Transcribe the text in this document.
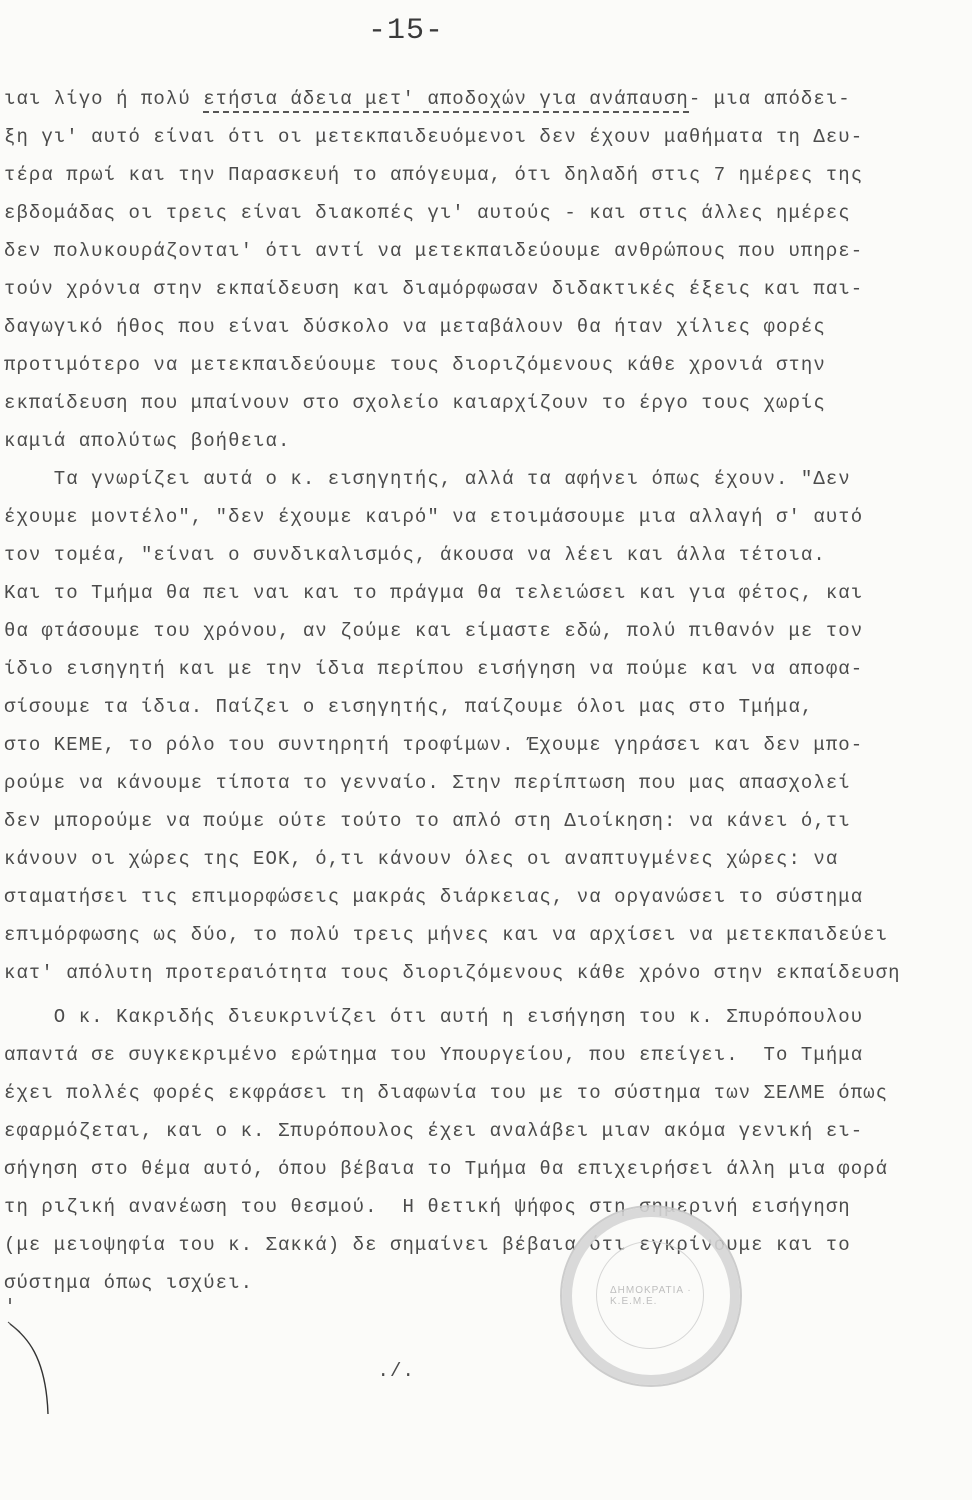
-15-
ιαι λίγο ή πολύ ετήσια άδεια μετ' αποδοχών για ανάπαυση- μια απόδει-
ξη γι' αυτό είναι ότι οι μετεκπαιδευόμενοι δεν έχουν μαθήματα τη Δευ-
τέρα πρωί και την Παρασκευή το απόγευμα, ότι δηλαδή στις 7 ημέρες της
εβδομάδας οι τρεις είναι διακοπές γι' αυτούς - και στις άλλες ημέρες
δεν πολυκουράζονται' ότι αντί να μετεκπαιδεύουμε ανθρώπους που υπηρε-
τούν χρόνια στην εκπαίδευση και διαμόρφωσαν διδακτικές έξεις και παι-
δαγωγικό ήθος που είναι δύσκολο να μεταβάλουν θα ήταν χίλιες φορές
προτιμότερο να μετεκπαιδεύουμε τους διοριζόμενους κάθε χρονιά στην
εκπαίδευση που μπαίνουν στο σχολείο καιαρχίζουν το έργο τους χωρίς
καμιά απολύτως βοήθεια.
Τα γνωρίζει αυτά ο κ. εισηγητής, αλλά τα αφήνει όπως έχουν. "Δεν
έχουμε μοντέλο", "δεν έχουμε καιρό" να ετοιμάσουμε μια αλλαγή σ' αυτό
τον τομέα, "είναι ο συνδικαλισμός, άκουσα να λέει και άλλα τέτοια.
Και το Τμήμα θα πει ναι και το πράγμα θα τελειώσει και για φέτος, και
θα φτάσουμε του χρόνου, αν ζούμε και είμαστε εδώ, πολύ πιθανόν με τον
ίδιο εισηγητή και με την ίδια περίπου εισήγηση να πούμε και να αποφα-
σίσουμε τα ίδια. Παίζει ο εισηγητής, παίζουμε όλοι μας στο Τμήμα,
στο ΚΕΜΕ, το ρόλο του συντηρητή τροφίμων. Έχουμε γηράσει και δεν μπο-
ρούμε να κάνουμε τίποτα το γενναίο. Στην περίπτωση που μας απασχολεί
δεν μπορούμε να πούμε ούτε τούτο το απλό στη Διοίκηση: να κάνει ό,τι
κάνουν οι χώρες της ΕΟΚ, ό,τι κάνουν όλες οι αναπτυγμένες χώρες: να
σταματήσει τις επιμορφώσεις μακράς διάρκειας, να οργανώσει το σύστημα
επιμόρφωσης ως δύο, το πολύ τρεις μήνες και να αρχίσει να μετεκπαιδεύει
κατ' απόλυτη προτεραιότητα τους διοριζόμενους κάθε χρόνο στην εκπαίδευση
Ο κ. Κακριδής διευκρινίζει ότι αυτή η εισήγηση του κ. Σπυρόπουλου
απαντά σε συγκεκριμένο ερώτημα του Υπουργείου, που επείγει.  Το Τμήμα
έχει πολλές φορές εκφράσει τη διαφωνία του με το σύστημα των ΣΕΛΜΕ όπως
εφαρμόζεται, και ο κ. Σπυρόπουλος έχει αναλάβει μιαν ακόμα γενική ει-
σήγηση στο θέμα αυτό, όπου βέβαια το Τμήμα θα επιχειρήσει άλλη μια φορά
τη ριζική ανανέωση του θεσμού.  Η θετική ψήφος στη σημερινή εισήγηση
(με μειοψηφία του κ. Σακκά) δε σημαίνει βέβαια ότι εγκρίνουμε και το
σύστημα όπως ισχύει.
./.
ΔΗΜΟΚΡΑΤΙΑ · Κ.Ε.Μ.Ε.
